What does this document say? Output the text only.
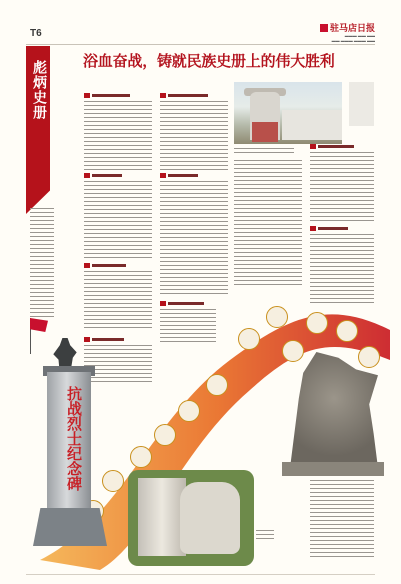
T6	驻马店日报
▬▬▬ ▬▬ ▬▬
▬▬ ▬▬▬ ▬▬▬ ▬▬
彪炳史册 浴血奋战，铸就民族史册上的伟大胜利
抗战烈士纪念碑
